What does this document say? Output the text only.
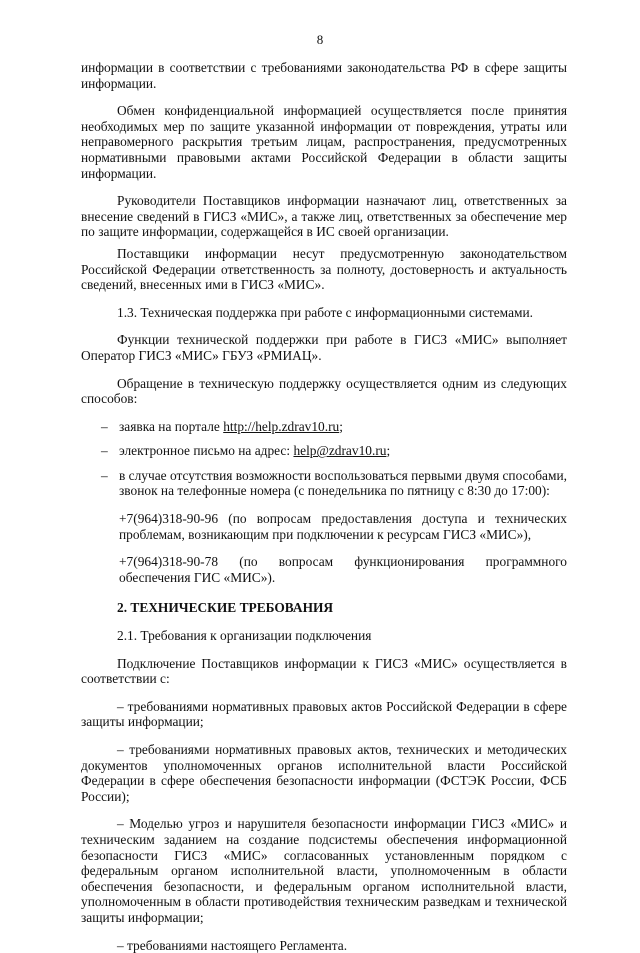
8

информации в соответствии с требованиями законодательства РФ в сфере защиты информации.

Обмен конфиденциальной информацией осуществляется после принятия необходимых мер по защите указанной информации от повреждения, утраты или неправомерного раскрытия третьим лицам, распространения, предусмотренных нормативными правовыми актами Российской Федерации в области защиты информации.

Руководители Поставщиков информации назначают лиц, ответственных за внесение сведений в ГИСЗ «МИС», а также лиц, ответственных за обеспечение мер по защите информации, содержащейся в ИС своей организации.

Поставщики информации несут предусмотренную законодательством Российской Федерации ответственность за полноту, достоверность и актуальность сведений, внесенных ими в ГИСЗ «МИС».

1.3. Техническая поддержка при работе с информационными системами.

Функции технической поддержки при работе в ГИСЗ «МИС» выполняет Оператор ГИСЗ «МИС» ГБУЗ «РМИАЦ».

Обращение в техническую поддержку осуществляется одним из следующих способов:

– заявка на портале http://help.zdrav10.ru;
– электронное письмо на адрес: help@zdrav10.ru;
– в случае отсутствия возможности воспользоваться первыми двумя способами, звонок на телефонные номера (с понедельника по пятницу с 8:30 до 17:00):

+7(964)318-90-96 (по вопросам предоставления доступа и технических проблемам, возникающим при подключении к ресурсам ГИСЗ «МИС»),

+7(964)318-90-78 (по вопросам функционирования программного обеспечения ГИС «МИС»).

2. ТЕХНИЧЕСКИЕ ТРЕБОВАНИЯ

2.1. Требования к организации подключения

Подключение Поставщиков информации к ГИСЗ «МИС» осуществляется в соответствии с:

– требованиями нормативных правовых актов Российской Федерации в сфере защиты информации;

– требованиями нормативных правовых актов, технических и методических документов уполномоченных органов исполнительной власти Российской Федерации в сфере обеспечения безопасности информации (ФСТЭК России, ФСБ России);

– Моделью угроз и нарушителя безопасности информации ГИСЗ «МИС» и техническим заданием на создание подсистемы обеспечения информационной безопасности ГИСЗ «МИС» согласованных установленным порядком с федеральным органом исполнительной власти, уполномоченным в области обеспечения безопасности, и федеральным органом исполнительной власти, уполномоченным в области противодействия техническим разведкам и технической защиты информации;

– требованиями настоящего Регламента.
